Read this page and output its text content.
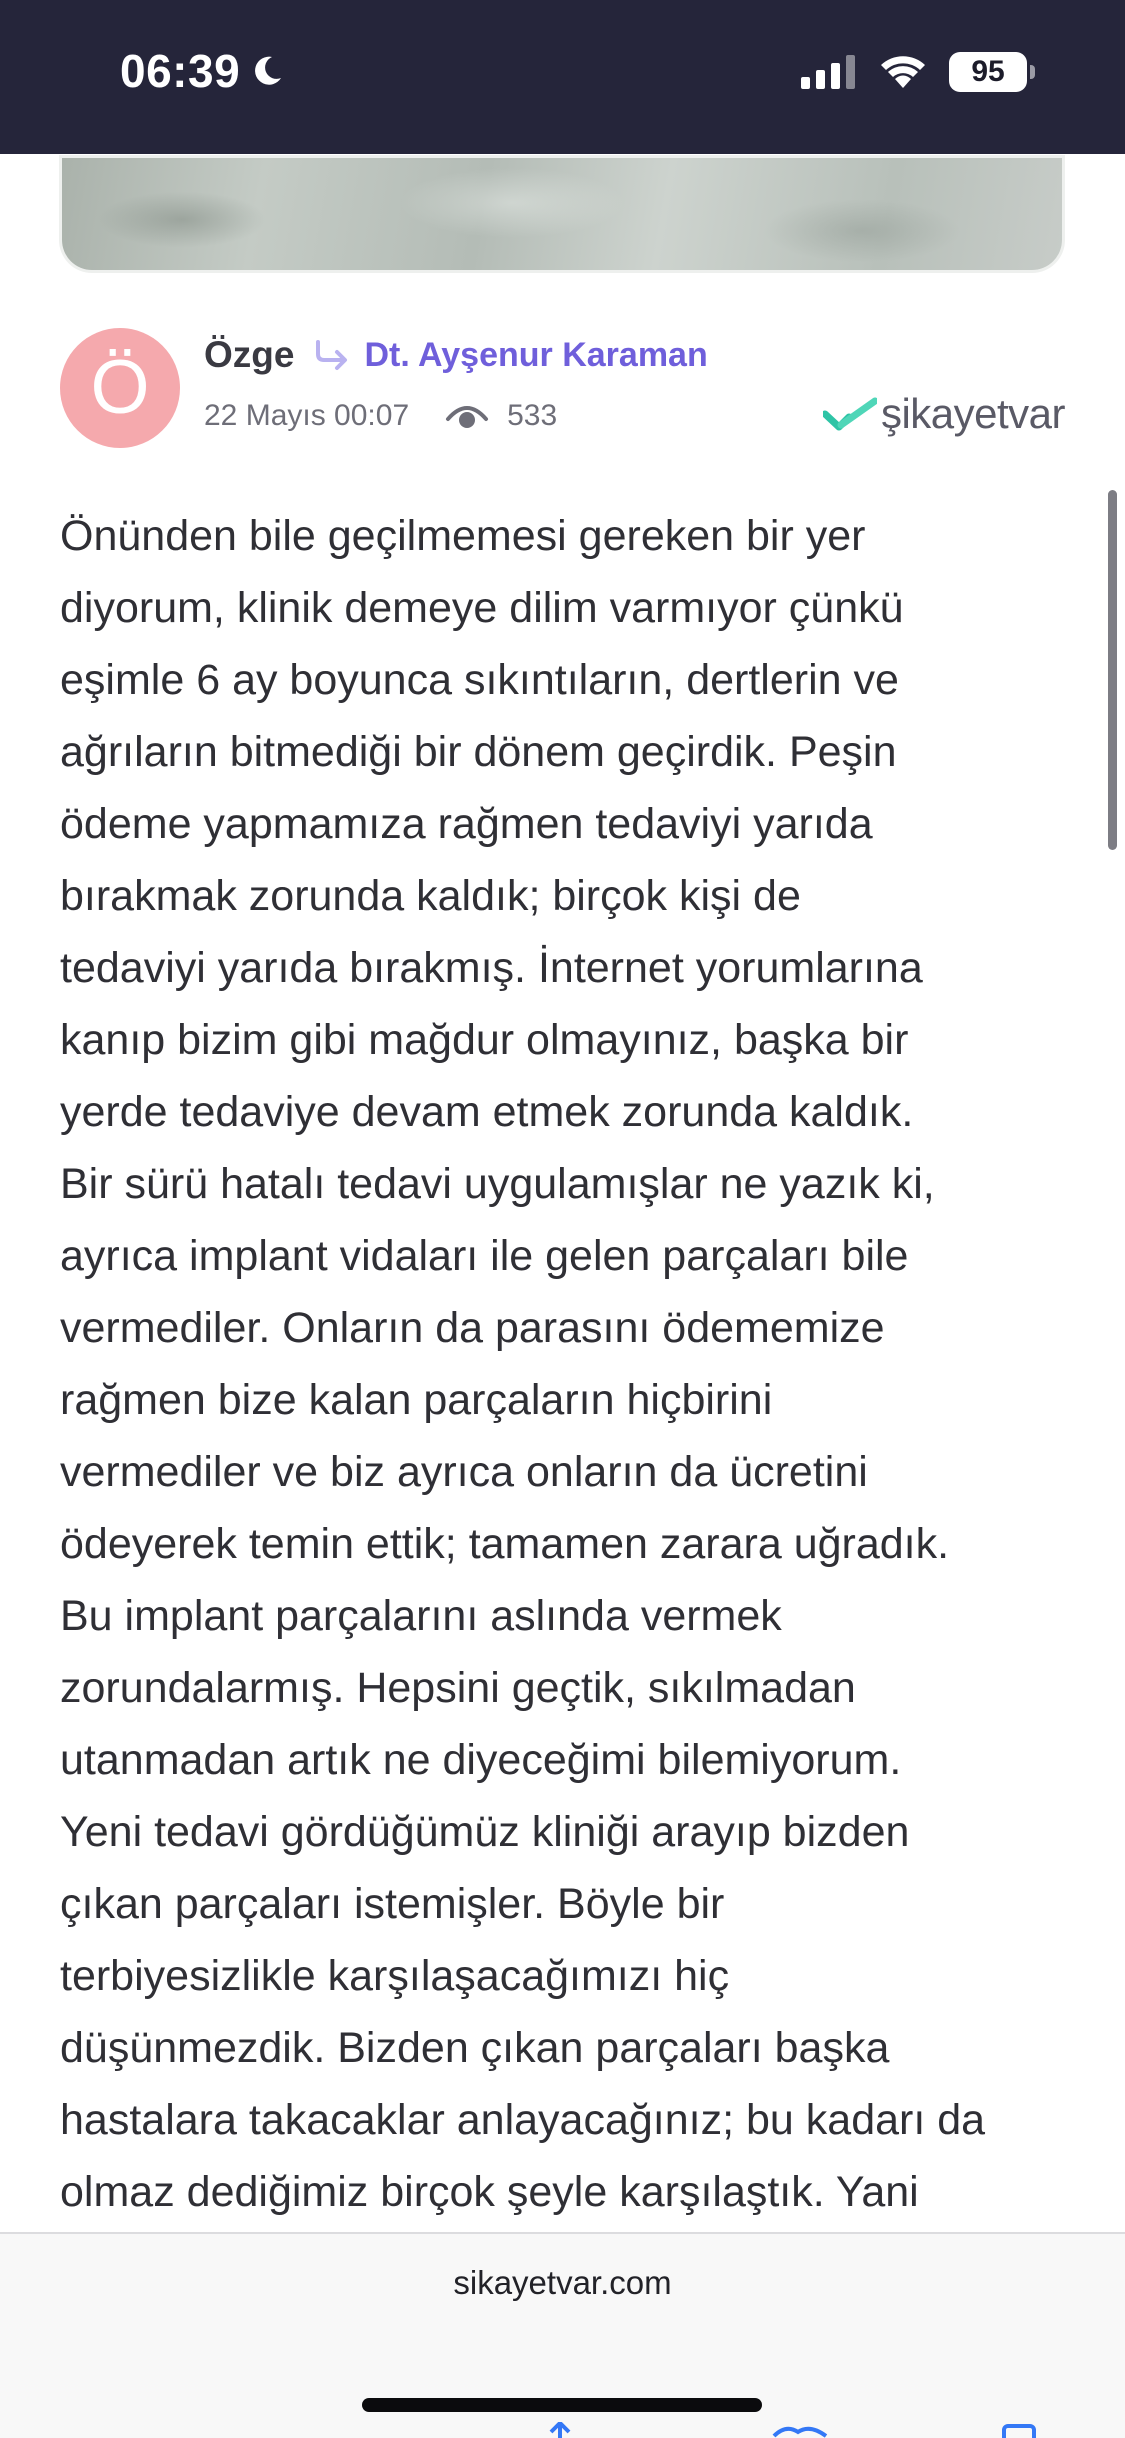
06:39	95
Ö Özge Dt. Ayşenur Karaman
22 Mayıs 00:07	533	şikayetvar

Önünden bile geçilmemesi gereken bir yer
diyorum, klinik demeye dilim varmıyor çünkü
eşimle 6 ay boyunca sıkıntıların, dertlerin ve
ağrıların bitmediği bir dönem geçirdik. Peşin
ödeme yapmamıza rağmen tedaviyi yarıda
bırakmak zorunda kaldık; birçok kişi de
tedaviyi yarıda bırakmış. İnternet yorumlarına
kanıp bizim gibi mağdur olmayınız, başka bir
yerde tedaviye devam etmek zorunda kaldık.
Bir sürü hatalı tedavi uygulamışlar ne yazık ki,
ayrıca implant vidaları ile gelen parçaları bile
vermediler. Onların da parasını ödememize
rağmen bize kalan parçaların hiçbirini
vermediler ve biz ayrıca onların da ücretini
ödeyerek temin ettik; tamamen zarara uğradık.
Bu implant parçalarını aslında vermek
zorundalarmış. Hepsini geçtik, sıkılmadan
utanmadan artık ne diyeceğimi bilemiyorum.
Yeni tedavi gördüğümüz kliniği arayıp bizden
çıkan parçaları istemişler. Böyle bir
terbiyesizlikle karşılaşacağımızı hiç
düşünmezdik. Bizden çıkan parçaları başka
hastalara takacaklar anlayacağınız; bu kadarı da
olmaz dediğimiz birçok şeyle karşılaştık. Yani

sikayetvar.com
